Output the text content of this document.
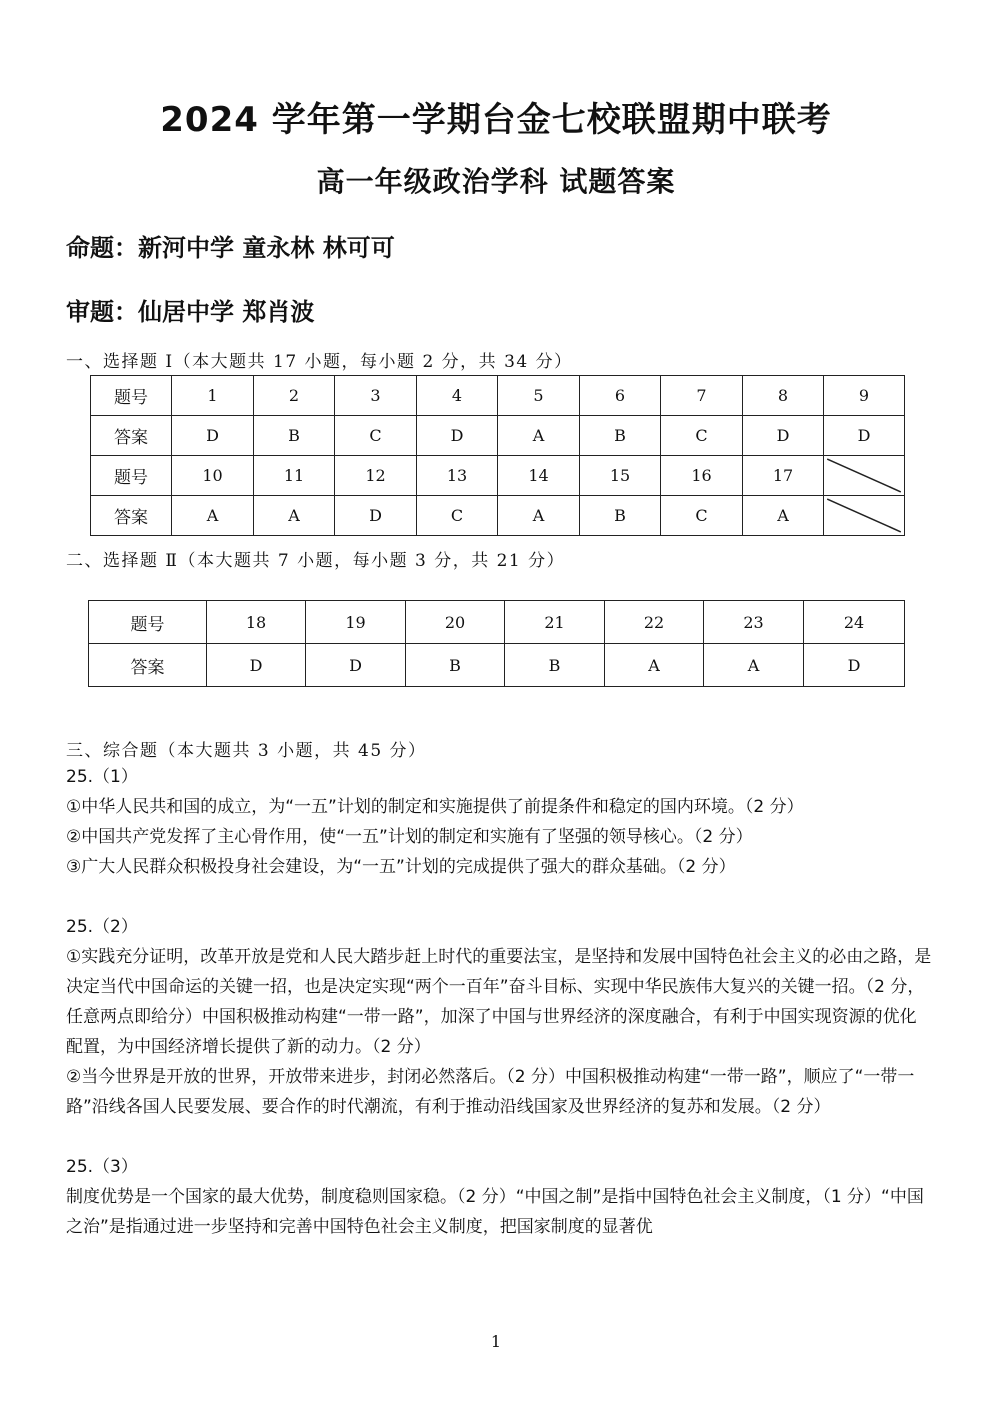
2024 学年第一学期台金七校联盟期中联考
高一年级政治学科 试题答案
命题：新河中学 童永林 林可可
审题：仙居中学 郑肖波
一、选择题 Ⅰ（本大题共 17 小题，每小题 2 分，共 34 分）
题号	1	2	3	4	5	6	7	8	9
答案	D	B	C	D	A	B	C	D	D
题号	10	11	12	13	14	15	16	17	

答案	A	A	D	C	A	B	C	A	
二、选择题 Ⅱ（本大题共 7 小题，每小题 3 分，共 21 分）
题号	18	19	20	21	22	23	24
答案	D	D	B	B	A	A	D
三、综合题（本大题共 3 小题，共 45 分）

25.（1）

①中华人民共和国的成立，为“一五”计划的制定和实施提供了前提条件和稳定的国内环境。（2 分）

②中国共产党发挥了主心骨作用，使“一五”计划的制定和实施有了坚强的领导核心。（2 分）

③广大人民群众积极投身社会建设，为“一五”计划的完成提供了强大的群众基础。（2 分）

25.（2）

①实践充分证明，改革开放是党和人民大踏步赶上时代的重要法宝，是坚持和发展中国特色社会主义的必由之路，是决定当代中国命运的关键一招，也是决定实现“两个一百年”奋斗目标、实现中华民族伟大复兴的关键一招。（2 分，任意两点即给分）中国积极推动构建“一带一路”，加深了中国与世界经济的深度融合，有利于中国实现资源的优化配置，为中国经济增长提供了新的动力。（2 分）

②当今世界是开放的世界，开放带来进步，封闭必然落后。（2 分）中国积极推动构建“一带一路”，顺应了“一带一路”沿线各国人民要发展、要合作的时代潮流，有利于推动沿线国家及世界经济的复苏和发展。（2 分）

25.（3）

制度优势是一个国家的最大优势，制度稳则国家稳。（2 分）“中国之制”是指中国特色社会主义制度，（1 分）“中国之治”是指通过进一步坚持和完善中国特色社会主义制度，把国家制度的显著优

1
